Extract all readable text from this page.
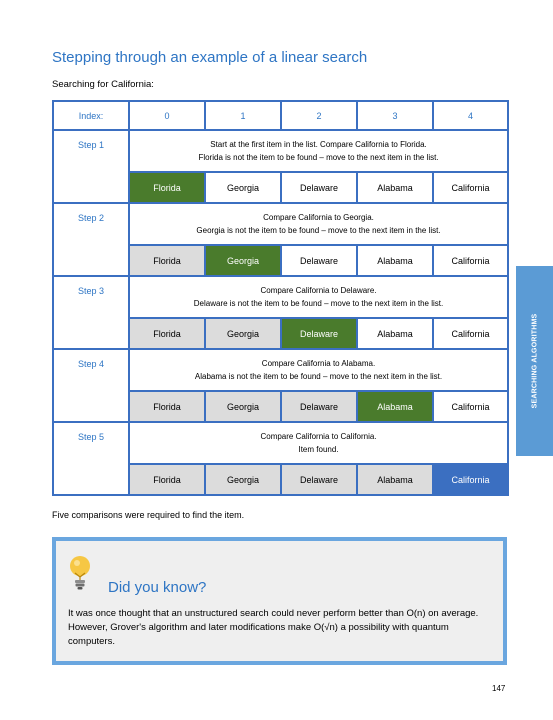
Stepping through an example of a linear search
Searching for California:
Index:	0	1	2	3	4
Step 1	Start at the first item in the list. Compare California to Florida.
Florida is not the item to be found – move to the next item in the list.				

	Florida	Georgia	Delaware	Alabama	California
Step 2	Compare California to Georgia.
Georgia is not the item to be found – move to the next item in the list.				

	Florida	Georgia	Delaware	Alabama	California
Step 3	Compare California to Delaware.
Delaware is not the item to be found – move to the next item in the list.				

	Florida	Georgia	Delaware	Alabama	California
Step 4	Compare California to Alabama.
Alabama is not the item to be found – move to the next item in the list.				

	Florida	Georgia	Delaware	Alabama	California
Step 5	Compare California to California.
Item found.				

	Florida	Georgia	Delaware	Alabama	California
Five comparisons were required to find the item.
SEARCHING ALGORITHMS
Did you know?
It was once thought that an unstructured search could never perform better than O(n) on average. However, Grover's algorithm and later modifications make O(√n) a possibility with quantum computers.
147
